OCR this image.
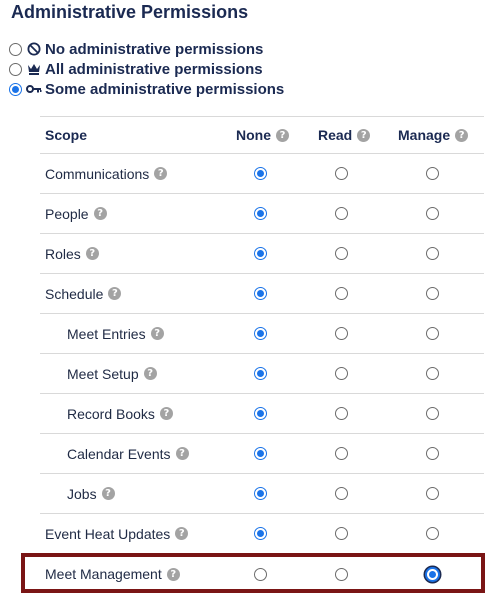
Administrative Permissions
No administrative permissions
All administrative permissions
Some administrative permissions
Scope	None ? Read ? Manage ?
Communications ?
People ?
Roles ?
Schedule ?
Meet Entries ?
Meet Setup ?
Record Books ?
Calendar Events ?
Jobs ?
Event Heat Updates ?
Meet Management ?
